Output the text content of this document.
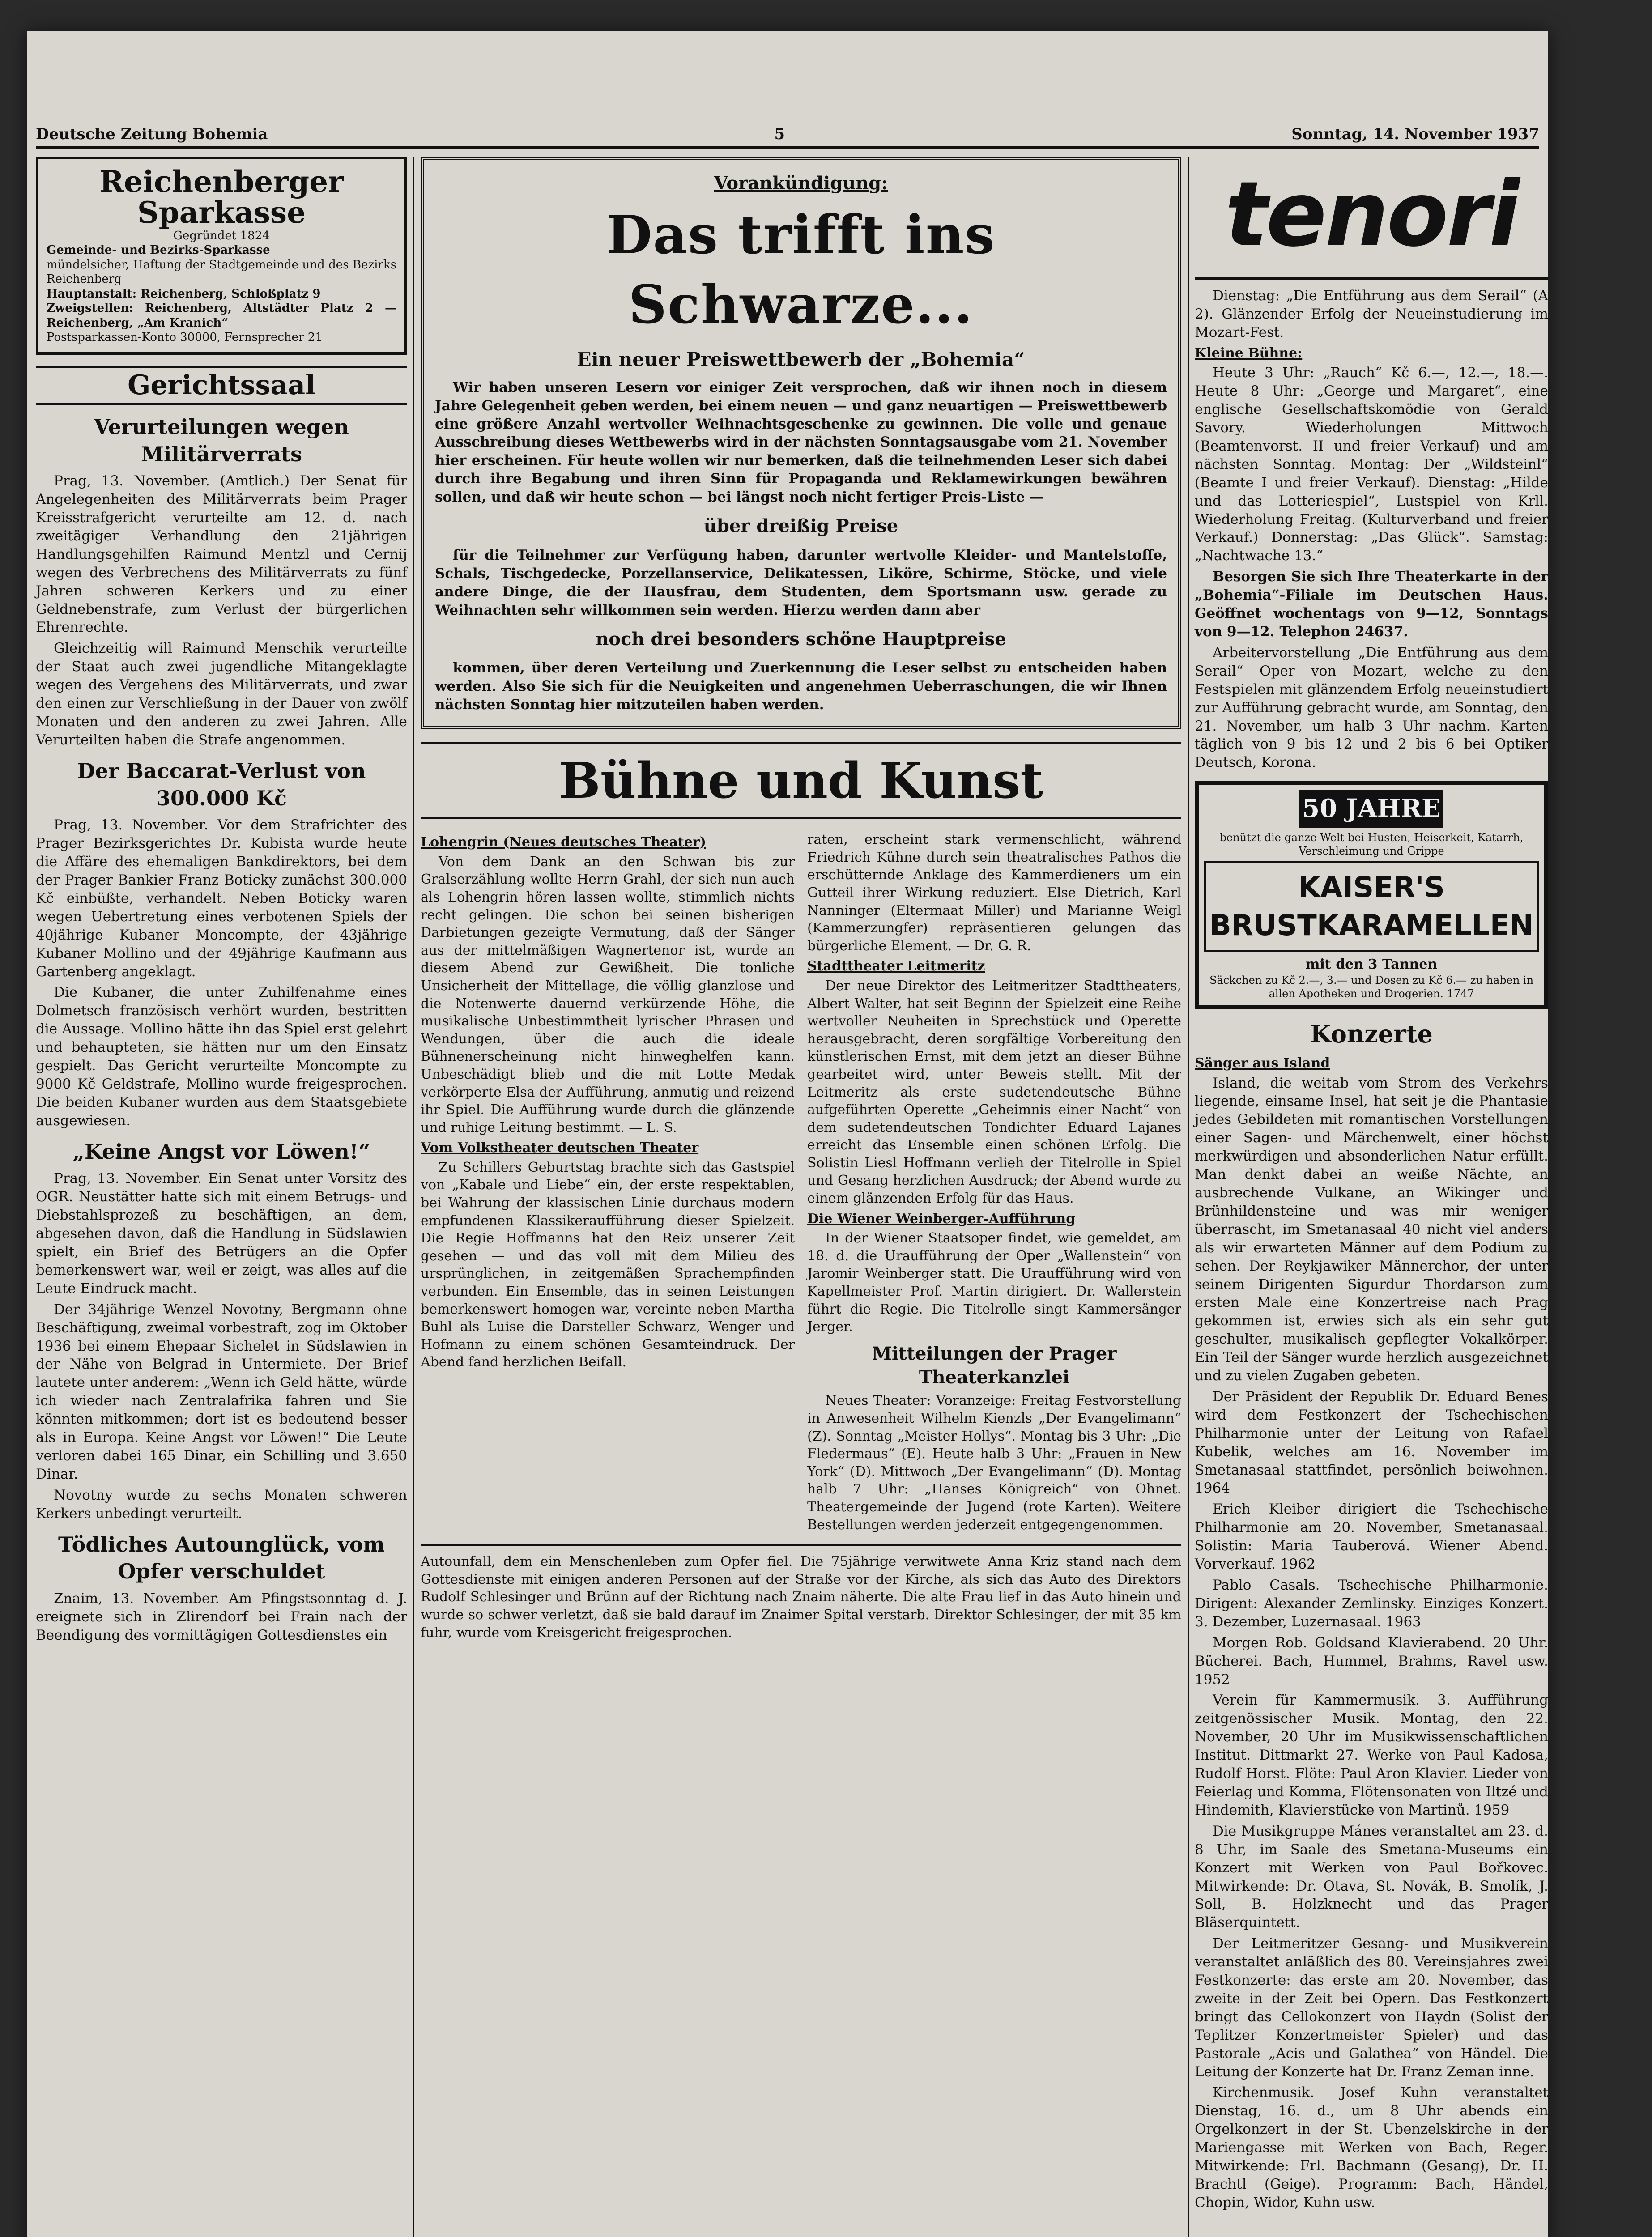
Deutsche Zeitung Bohemia	5	Sonntag, 14. November 1937
Reichenberger Sparkasse
Gegründet 1824
Gemeinde- und Bezirks-Sparkasse
mündelsicher, Haftung der Stadtgemeinde und des Bezirks Reichenberg
Hauptanstalt: Reichenberg, Schloßplatz 9
Zweigstellen: Reichenberg, Altstädter Platz 2 — Reichenberg, „Am Kranich“
Postsparkassen-Konto 30000, Fernsprecher 21
Gerichtssaal
Verurteilungen wegen Militärverrats

Prag, 13. November. (Amtlich.) Der Senat für Angelegenheiten des Militärverrats beim Prager Kreisstrafgericht verurteilte am 12. d. nach zweitägiger Verhandlung den 21jährigen Handlungsgehilfen Raimund Mentzl und Cernij wegen des Verbrechens des Militärverrats zu fünf Jahren schweren Kerkers und zu einer Geldnebenstrafe, zum Verlust der bürgerlichen Ehrenrechte.

Gleichzeitig will Raimund Menschik verurteilte der Staat auch zwei jugendliche Mitangeklagte wegen des Vergehens des Militärverrats, und zwar den einen zur Verschließung in der Dauer von zwölf Monaten und den anderen zu zwei Jahren. Alle Verurteilten haben die Strafe angenommen.

Der Baccarat-Verlust von 300.000 Kč

Prag, 13. November. Vor dem Strafrichter des Prager Bezirksgerichtes Dr. Kubista wurde heute die Affäre des ehemaligen Bankdirektors, bei dem der Prager Bankier Franz Boticky zunächst 300.000 Kč einbüßte, verhandelt. Neben Boticky waren wegen Uebertretung eines verbotenen Spiels der 40jährige Kubaner Moncompte, der 43jährige Kubaner Mollino und der 49jährige Kaufmann aus Gartenberg angeklagt.

Die Kubaner, die unter Zuhilfenahme eines Dolmetsch französisch verhört wurden, bestritten die Aussage. Mollino hätte ihn das Spiel erst gelehrt und behaupteten, sie hätten nur um den Einsatz gespielt. Das Gericht verurteilte Moncompte zu 9000 Kč Geldstrafe, Mollino wurde freigesprochen. Die beiden Kubaner wurden aus dem Staatsgebiete ausgewiesen.

„Keine Angst vor Löwen!“

Prag, 13. November. Ein Senat unter Vorsitz des OGR. Neustätter hatte sich mit einem Betrugs- und Diebstahlsprozeß zu beschäftigen, an dem, abgesehen davon, daß die Handlung in Südslawien spielt, ein Brief des Betrügers an die Opfer bemerkenswert war, weil er zeigt, was alles auf die Leute Eindruck macht.

Der 34jährige Wenzel Novotny, Bergmann ohne Beschäftigung, zweimal vorbestraft, zog im Oktober 1936 bei einem Ehepaar Sichelet in Südslawien in der Nähe von Belgrad in Untermiete. Der Brief lautete unter anderem: „Wenn ich Geld hätte, würde ich wieder nach Zentralafrika fahren und Sie könnten mitkommen; dort ist es bedeutend besser als in Europa. Keine Angst vor Löwen!“ Die Leute verloren dabei 165 Dinar, ein Schilling und 3.650 Dinar.

Novotny wurde zu sechs Monaten schweren Kerkers unbedingt verurteilt.

Tödliches Autounglück, vom Opfer verschuldet

Znaim, 13. November. Am Pfingstsonntag d. J. ereignete sich in Zlirendorf bei Frain nach der Beendigung des vormittägigen Gottesdienstes ein

Vorankündigung:
Das trifft ins Schwarze...
Ein neuer Preiswettbewerb der „Bohemia“

Wir haben unseren Lesern vor einiger Zeit versprochen, daß wir ihnen noch in diesem Jahre Gelegenheit geben werden, bei einem neuen — und ganz neuartigen — Preiswettbewerb eine größere Anzahl wertvoller Weihnachtsgeschenke zu gewinnen. Die volle und genaue Ausschreibung dieses Wettbewerbs wird in der nächsten Sonntagsausgabe vom 21. November hier erscheinen. Für heute wollen wir nur bemerken, daß die teilnehmenden Leser sich dabei durch ihre Begabung und ihren Sinn für Propaganda und Reklamewirkungen bewähren sollen, und daß wir heute schon — bei längst noch nicht fertiger Preis-Liste —

über dreißig Preise

für die Teilnehmer zur Verfügung haben, darunter wertvolle Kleider- und Mantelstoffe, Schals, Tischgedecke, Porzellanservice, Delikatessen, Liköre, Schirme, Stöcke, und viele andere Dinge, die der Hausfrau, dem Studenten, dem Sportsmann usw. gerade zu Weihnachten sehr willkommen sein werden. Hierzu werden dann aber

noch drei besonders schöne Hauptpreise

kommen, über deren Verteilung und Zuerkennung die Leser selbst zu entscheiden haben werden. Also Sie sich für die Neuigkeiten und angenehmen Ueberraschungen, die wir Ihnen nächsten Sonntag hier mitzuteilen haben werden.

Bühne und Kunst
Lohengrin (Neues deutsches Theater)

Von dem Dank an den Schwan bis zur Gralserzählung wollte Herrn Grahl, der sich nun auch als Lohengrin hören lassen wollte, stimmlich nichts recht gelingen. Die schon bei seinen bisherigen Darbietungen gezeigte Vermutung, daß der Sänger aus der mittelmäßigen Wagnertenor ist, wurde an diesem Abend zur Gewißheit. Die tonliche Unsicherheit der Mittellage, die völlig glanzlose und die Notenwerte dauernd verkürzende Höhe, die musikalische Unbestimmtheit lyrischer Phrasen und Wendungen, über die auch die ideale Bühnenerscheinung nicht hinweghelfen kann. Unbeschädigt blieb und die mit Lotte Medak verkörperte Elsa der Aufführung, anmutig und reizend ihr Spiel. Die Aufführung wurde durch die glänzende und ruhige Leitung bestimmt. — L. S.

Vom Volkstheater deutschen Theater

Zu Schillers Geburtstag brachte sich das Gastspiel von „Kabale und Liebe“ ein, der erste respektablen, bei Wahrung der klassischen Linie durchaus modern empfundenen Klassikeraufführung dieser Spielzeit. Die Regie Hoffmanns hat den Reiz unserer Zeit gesehen — und das voll mit dem Milieu des ursprünglichen, in zeitgemäßen Sprachempfinden verbunden. Ein Ensemble, das in seinen Leistungen bemerkenswert homogen war, vereinte neben Martha Buhl als Luise die Darsteller Schwarz, Wenger und Hofmann zu einem schönen Gesamteindruck. Der Abend fand herzlichen Beifall.

raten, erscheint stark vermenschlicht, während Friedrich Kühne durch sein theatralisches Pathos die erschütternde Anklage des Kammerdieners um ein Gutteil ihrer Wirkung reduziert. Else Dietrich, Karl Nanninger (Eltermaat Miller) und Marianne Weigl (Kammerzungfer) repräsentieren gelungen das bürgerliche Element. — Dr. G. R.

Stadttheater Leitmeritz

Der neue Direktor des Leitmeritzer Stadttheaters, Albert Walter, hat seit Beginn der Spielzeit eine Reihe wertvoller Neuheiten in Sprechstück und Operette herausgebracht, deren sorgfältige Vorbereitung den künstlerischen Ernst, mit dem jetzt an dieser Bühne gearbeitet wird, unter Beweis stellt. Mit der Leitmeritz als erste sudetendeutsche Bühne aufgeführten Operette „Geheimnis einer Nacht“ von dem sudetendeutschen Tondichter Eduard Lajanes erreicht das Ensemble einen schönen Erfolg. Die Solistin Liesl Hoffmann verlieh der Titelrolle in Spiel und Gesang herzlichen Ausdruck; der Abend wurde zu einem glänzenden Erfolg für das Haus.

Die Wiener Weinberger-Aufführung

In der Wiener Staatsoper findet, wie gemeldet, am 18. d. die Uraufführung der Oper „Wallenstein“ von Jaromir Weinberger statt. Die Uraufführung wird von Kapellmeister Prof. Martin dirigiert. Dr. Wallerstein führt die Regie. Die Titelrolle singt Kammersänger Jerger.

Mitteilungen der Prager Theaterkanzlei

Neues Theater: Voranzeige: Freitag Festvorstellung in Anwesenheit Wilhelm Kienzls „Der Evangelimann“ (Z). Sonntag „Meister Hollys“. Montag bis 3 Uhr: „Die Fledermaus“ (E). Heute halb 3 Uhr: „Frauen in New York“ (D). Mittwoch „Der Evangelimann“ (D). Montag halb 7 Uhr: „Hanses Königreich“ von Ohnet. Theatergemeinde der Jugend (rote Karten). Weitere Bestellungen werden jederzeit entgegengenommen.

Autounfall, dem ein Menschenleben zum Opfer fiel. Die 75jährige verwitwete Anna Kriz stand nach dem Gottesdienste mit einigen anderen Personen auf der Straße vor der Kirche, als sich das Auto des Direktors Rudolf Schlesinger und Brünn auf der Richtung nach Znaim näherte. Die alte Frau lief in das Auto hinein und wurde so schwer verletzt, daß sie bald darauf im Znaimer Spital verstarb. Direktor Schlesinger, der mit 35 km fuhr, wurde vom Kreisgericht freigesprochen.

tenori

Dienstag: „Die Entführung aus dem Serail“ (A 2). Glänzender Erfolg der Neueinstudierung im Mozart-Fest.

Kleine Bühne:

Heute 3 Uhr: „Rauch“ Kč 6.—, 12.—, 18.—. Heute 8 Uhr: „George und Margaret“, eine englische Gesellschaftskomödie von Gerald Savory. Wiederholungen Mittwoch (Beamtenvorst. II und freier Verkauf) und am nächsten Sonntag. Montag: Der „Wildsteinl“ (Beamte I und freier Verkauf). Dienstag: „Hilde und das Lotteriespiel“, Lustspiel von Krll. Wiederholung Freitag. (Kulturverband und freier Verkauf.) Donnerstag: „Das Glück“. Samstag: „Nachtwache 13.“

Besorgen Sie sich Ihre Theaterkarte in der „Bohemia“-Filiale im Deutschen Haus. Geöffnet wochentags von 9—12, Sonntags von 9—12. Telephon 24637.

Arbeitervorstellung „Die Entführung aus dem Serail“ Oper von Mozart, welche zu den Festspielen mit glänzendem Erfolg neueinstudiert zur Aufführung gebracht wurde, am Sonntag, den 21. November, um halb 3 Uhr nachm. Karten täglich von 9 bis 12 und 2 bis 6 bei Optiker Deutsch, Korona.

50 JAHRE
benützt die ganze Welt bei Husten, Heiserkeit, Katarrh, Verschleimung und Grippe
KAISER'S BRUSTKARAMELLEN
mit den 3 Tannen
Säckchen zu Kč 2.—, 3.— und Dosen zu Kč 6.— zu haben in allen Apotheken und Drogerien. 1747
Konzerte
Sänger aus Island

Island, die weitab vom Strom des Verkehrs liegende, einsame Insel, hat seit je die Phantasie jedes Gebildeten mit romantischen Vorstellungen einer Sagen- und Märchenwelt, einer höchst merkwürdigen und absonderlichen Natur erfüllt. Man denkt dabei an weiße Nächte, an ausbrechende Vulkane, an Wikinger und Brünhildensteine und was mir weniger überrascht, im Smetanasaal 40 nicht viel anders als wir erwarteten Männer auf dem Podium zu sehen. Der Reykjawiker Männerchor, der unter seinem Dirigenten Sigurdur Thordarson zum ersten Male eine Konzertreise nach Prag gekommen ist, erwies sich als ein sehr gut geschulter, musikalisch gepflegter Vokalkörper. Ein Teil der Sänger wurde herzlich ausgezeichnet und zu vielen Zugaben gebeten.

Der Präsident der Republik Dr. Eduard Benes wird dem Festkonzert der Tschechischen Philharmonie unter der Leitung von Rafael Kubelik, welches am 16. November im Smetanasaal stattfindet, persönlich beiwohnen. 1964

Erich Kleiber dirigiert die Tschechische Philharmonie am 20. November, Smetanasaal. Solistin: Maria Tauberová. Wiener Abend. Vorverkauf. 1962

Pablo Casals. Tschechische Philharmonie. Dirigent: Alexander Zemlinsky. Einziges Konzert. 3. Dezember, Luzernasaal. 1963

Morgen Rob. Goldsand Klavierabend. 20 Uhr. Bücherei. Bach, Hummel, Brahms, Ravel usw. 1952

Verein für Kammermusik. 3. Aufführung zeitgenössischer Musik. Montag, den 22. November, 20 Uhr im Musikwissenschaftlichen Institut. Dittmarkt 27. Werke von Paul Kadosa, Rudolf Horst. Flöte: Paul Aron Klavier. Lieder von Feierlag und Komma, Flötensonaten von Iltzé und Hindemith, Klavierstücke von Martinů. 1959

Die Musikgruppe Mánes veranstaltet am 23. d. 8 Uhr, im Saale des Smetana-Museums ein Konzert mit Werken von Paul Bořkovec. Mitwirkende: Dr. Otava, St. Novák, B. Smolík, J. Soll, B. Holzknecht und das Prager Bläserquintett.

Der Leitmeritzer Gesang- und Musikverein veranstaltet anläßlich des 80. Vereinsjahres zwei Festkonzerte: das erste am 20. November, das zweite in der Zeit bei Opern. Das Festkonzert bringt das Cellokonzert von Haydn (Solist der Teplitzer Konzertmeister Spieler) und das Pastorale „Acis und Galathea“ von Händel. Die Leitung der Konzerte hat Dr. Franz Zeman inne.

Kirchenmusik. Josef Kuhn veranstaltet Dienstag, 16. d., um 8 Uhr abends ein Orgelkonzert in der St. Ubenzelskirche in der Mariengasse mit Werken von Bach, Reger. Mitwirkende: Frl. Bachmann (Gesang), Dr. H. Brachtl (Geige). Programm: Bach, Händel, Chopin, Widor, Kuhn usw.
